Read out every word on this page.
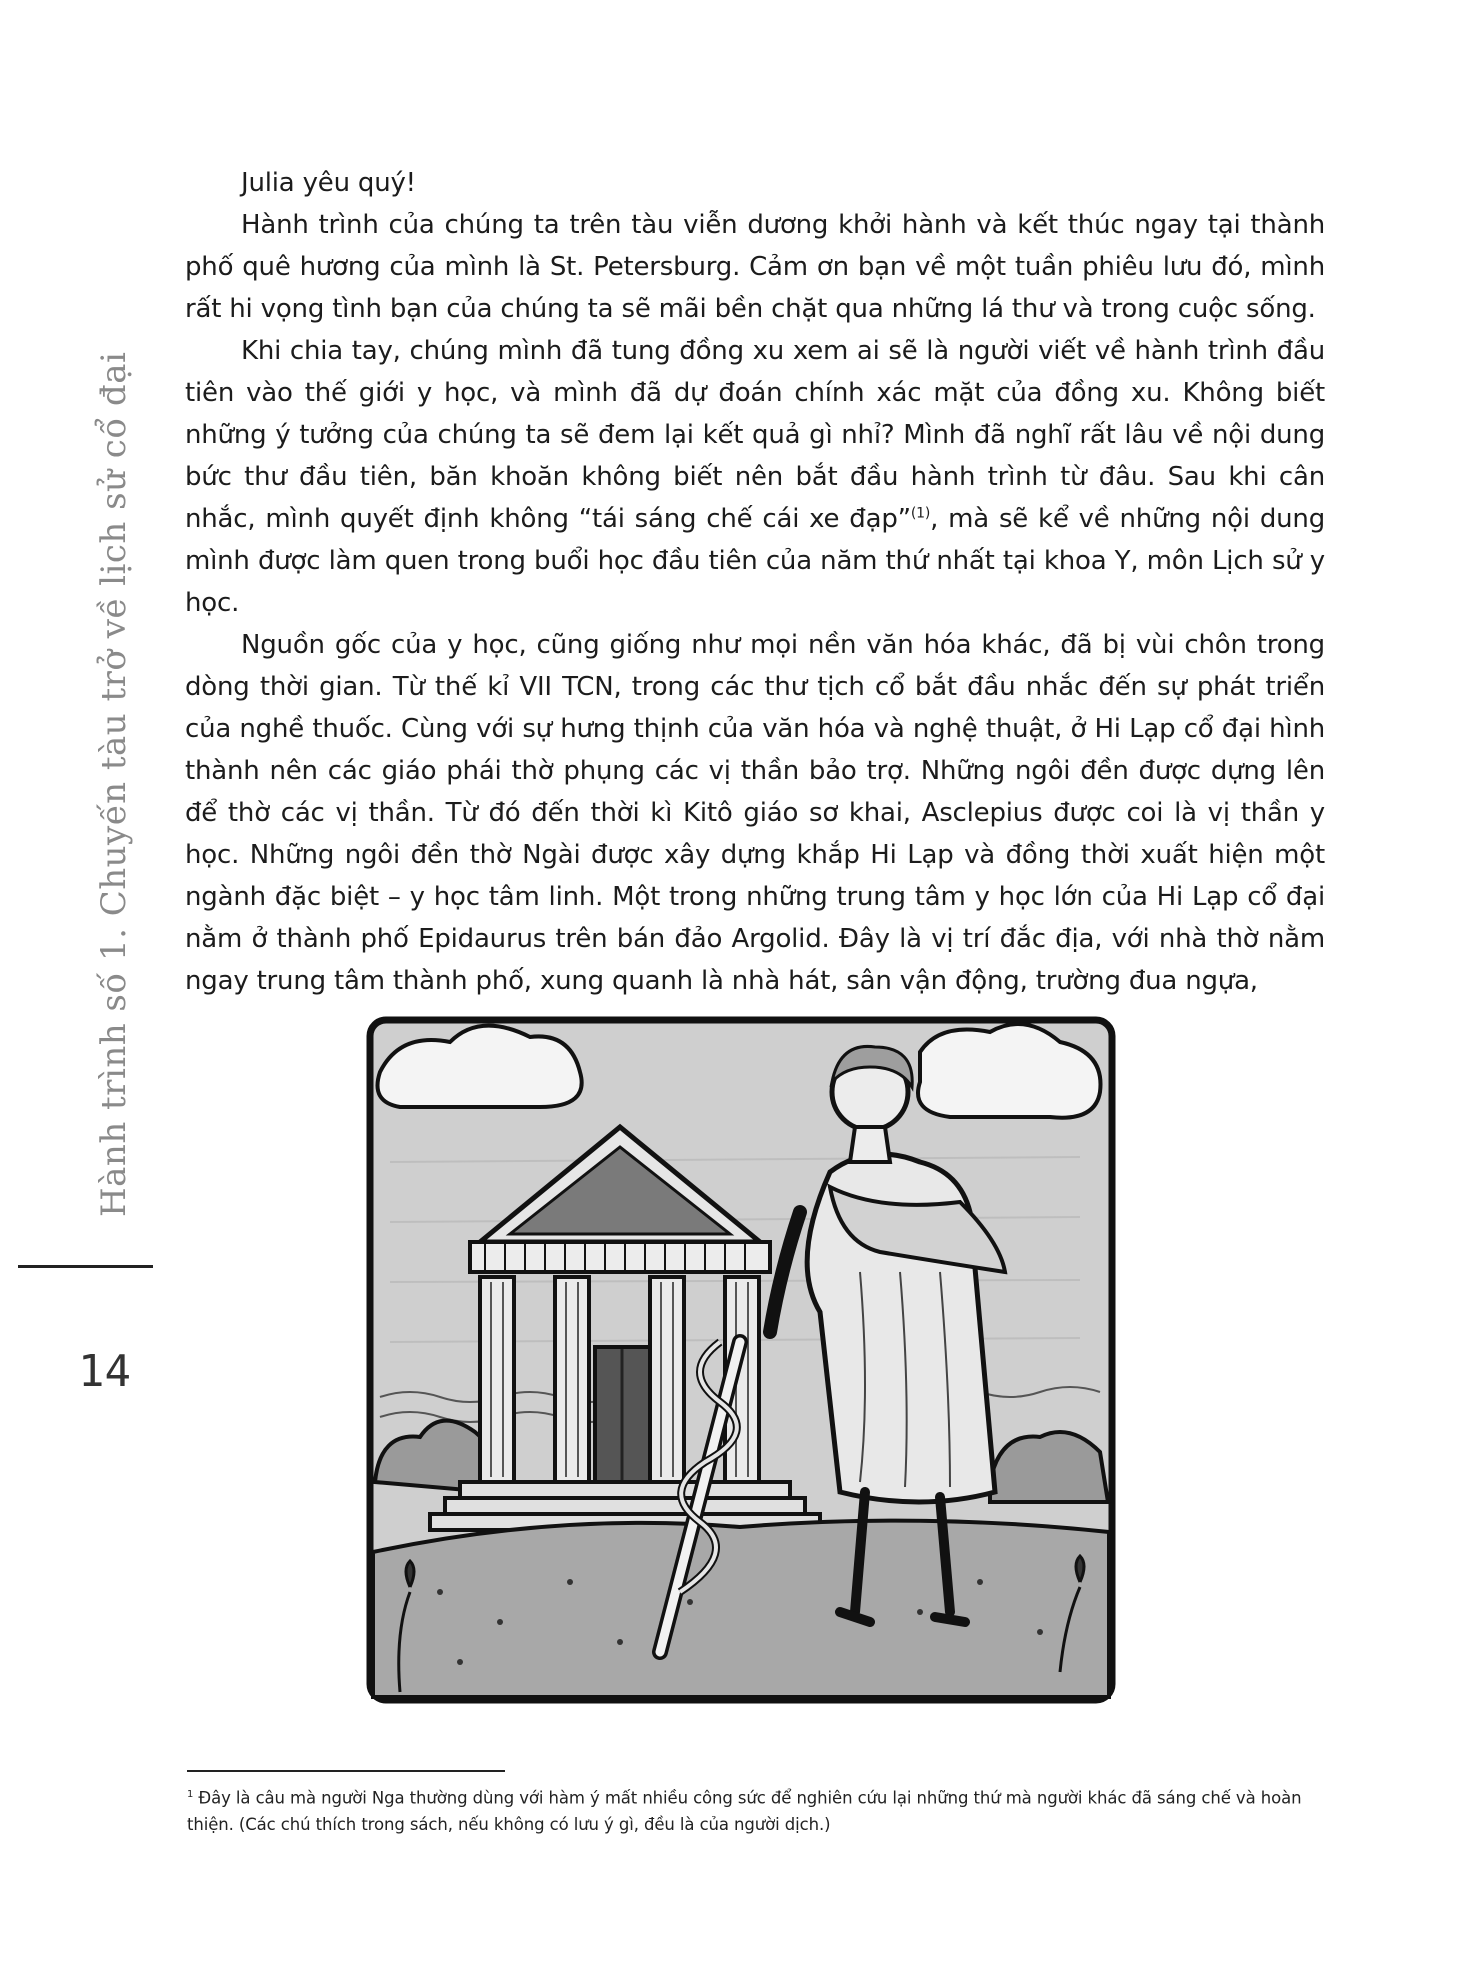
Hành trình số 1. Chuyến tàu trở về lịch sử cổ đại
14

Julia yêu quý!

Hành trình của chúng ta trên tàu viễn dương khởi hành và kết thúc ngay tại thành phố quê hương của mình là St. Petersburg. Cảm ơn bạn về một tuần phiêu lưu đó, mình rất hi vọng tình bạn của chúng ta sẽ mãi bền chặt qua những lá thư và trong cuộc sống.

Khi chia tay, chúng mình đã tung đồng xu xem ai sẽ là người viết về hành trình đầu tiên vào thế giới y học, và mình đã dự đoán chính xác mặt của đồng xu. Không biết những ý tưởng của chúng ta sẽ đem lại kết quả gì nhỉ? Mình đã nghĩ rất lâu về nội dung bức thư đầu tiên, băn khoăn không biết nên bắt đầu hành trình từ đâu. Sau khi cân nhắc, mình quyết định không “tái sáng chế cái xe đạp”$^{(1)}$, mà sẽ kể về những nội dung mình được làm quen trong buổi học đầu tiên của năm thứ nhất tại khoa Y, môn Lịch sử y học.

Nguồn gốc của y học, cũng giống như mọi nền văn hóa khác, đã bị vùi chôn trong dòng thời gian. Từ thế kỉ VII TCN, trong các thư tịch cổ bắt đầu nhắc đến sự phát triển của nghề thuốc. Cùng với sự hưng thịnh của văn hóa và nghệ thuật, ở Hi Lạp cổ đại hình thành nên các giáo phái thờ phụng các vị thần bảo trợ. Những ngôi đền được dựng lên để thờ các vị thần. Từ đó đến thời kì Kitô giáo sơ khai, Asclepius được coi là vị thần y học. Những ngôi đền thờ Ngài được xây dựng khắp Hi Lạp và đồng thời xuất hiện một ngành đặc biệt – y học tâm linh. Một trong những trung tâm y học lớn của Hi Lạp cổ đại nằm ở thành phố Epidaurus trên bán đảo Argolid. Đây là vị trí đắc địa, với nhà thờ nằm ngay trung tâm thành phố, xung quanh là nhà hát, sân vận động, trường đua ngựa,

$^1$ Đây là câu mà người Nga thường dùng với hàm ý mất nhiều công sức để nghiên cứu lại những thứ mà người khác đã sáng chế và hoàn thiện. (Các chú thích trong sách, nếu không có lưu ý gì, đều là của người dịch.)
